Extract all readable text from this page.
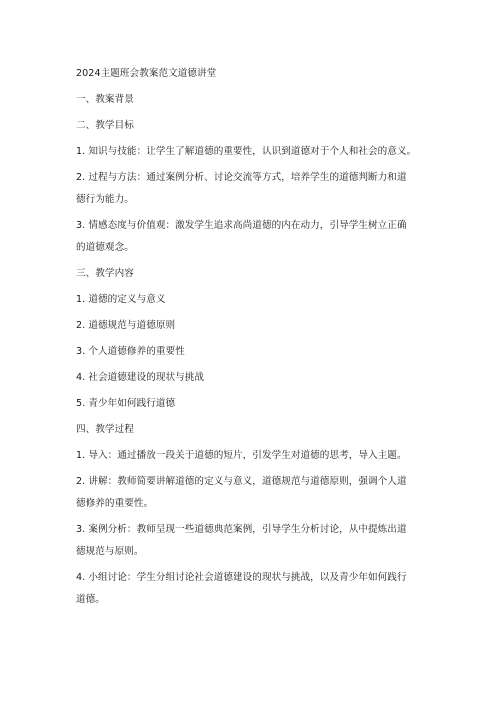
2024主题班会教案范文道德讲堂
一、教案背景
二、教学目标
1. 知识与技能：让学生了解道德的重要性，认识到道德对于个人和社会的意义。
2. 过程与方法：通过案例分析、讨论交流等方式，培养学生的道德判断力和道
德行为能力。
3. 情感态度与价值观：激发学生追求高尚道德的内在动力，引导学生树立正确
的道德观念。
三、教学内容
1. 道德的定义与意义
2. 道德规范与道德原则
3. 个人道德修养的重要性
4. 社会道德建设的现状与挑战
5. 青少年如何践行道德
四、教学过程
1. 导入：通过播放一段关于道德的短片，引发学生对道德的思考，导入主题。
2. 讲解：教师简要讲解道德的定义与意义，道德规范与道德原则，强调个人道
德修养的重要性。
3. 案例分析：教师呈现一些道德典范案例，引导学生分析讨论，从中提炼出道
德规范与原则。
4. 小组讨论：学生分组讨论社会道德建设的现状与挑战，以及青少年如何践行
道德。
